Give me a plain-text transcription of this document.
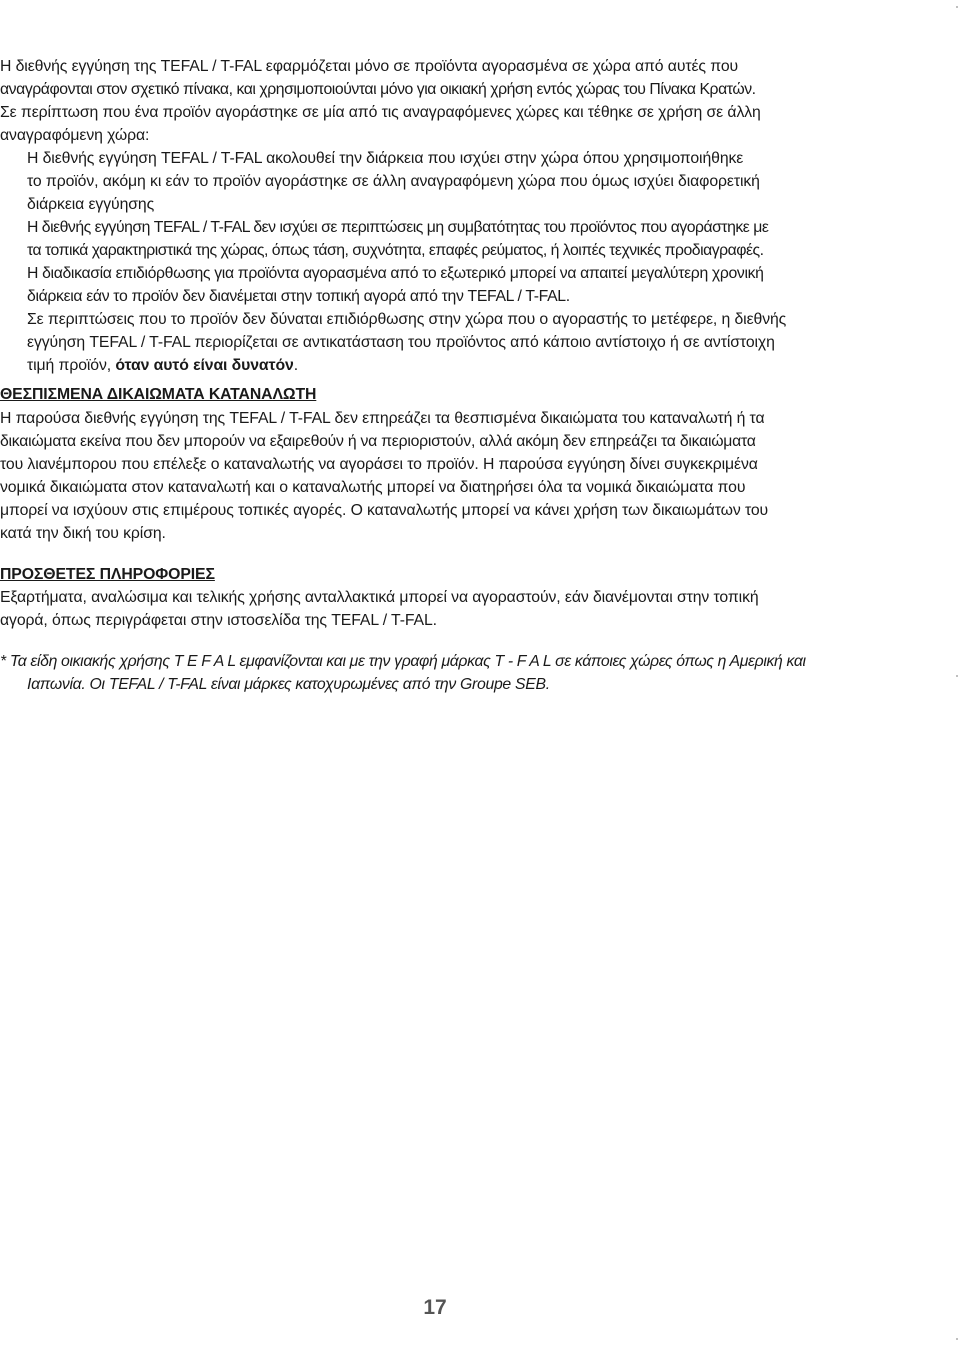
Η διεθνής εγγύηση της TEFAL / T-FAL εφαρμόζεται μόνο σε προϊόντα αγορασμένα σε χώρα από αυτές που
αναγράφονται στον σχετικό πίνακα, και χρησιμοποιούνται μόνο για οικιακή χρήση εντός χώρας του Πίνακα Κρατών.
Σε περίπτωση που ένα προϊόν αγοράστηκε σε μία από τις αναγραφόμενες χώρες και τέθηκε σε χρήση σε άλλη
αναγραφόμενη χώρα:
Η διεθνής εγγύηση TEFAL / T-FAL ακολουθεί την διάρκεια που ισχύει στην χώρα όπου χρησιμοποιήθηκε
το προϊόν, ακόμη κι εάν το προϊόν αγοράστηκε σε άλλη αναγραφόμενη χώρα που όμως ισχύει διαφορετική
διάρκεια εγγύησης
Η διεθνής εγγύηση TEFAL / T-FAL δεν ισχύει σε περιπτώσεις μη συμβατότητας του προϊόντος που αγοράστηκε με
τα τοπικά χαρακτηριστικά της χώρας, όπως τάση, συχνότητα, επαφές ρεύματος, ή λοιπές τεχνικές προδιαγραφές.
Η διαδικασία επιδιόρθωσης για προϊόντα αγορασμένα από το εξωτερικό μπορεί να απαιτεί μεγαλύτερη χρονική
διάρκεια εάν το προϊόν δεν διανέμεται στην τοπική αγορά από την TEFAL / T-FAL.
Σε περιπτώσεις που το προϊόν δεν δύναται επιδιόρθωσης στην χώρα που ο αγοραστής το μετέφερε, η διεθνής
εγγύηση TEFAL / T-FAL περιορίζεται σε αντικατάσταση του προϊόντος από κάποιο αντίστοιχο ή σε αντίστοιχη
τιμή προϊόν, όταν αυτό είναι δυνατόν.
ΘΕΣΠΙΣΜΕΝΑ ΔΙΚΑΙΩΜΑΤΑ ΚΑΤΑΝΑΛΩΤΗ
Η παρούσα διεθνής εγγύηση της TEFAL / T-FAL δεν επηρεάζει τα θεσπισμένα δικαιώματα του καταναλωτή ή τα
δικαιώματα εκείνα που δεν μπορούν να εξαιρεθούν ή να περιοριστούν, αλλά ακόμη δεν επηρεάζει τα δικαιώματα
του λιανέμπορου που επέλεξε ο καταναλωτής να αγοράσει το προϊόν. Η παρούσα εγγύηση δίνει συγκεκριμένα
νομικά δικαιώματα στον καταναλωτή και ο καταναλωτής μπορεί να διατηρήσει όλα τα νομικά δικαιώματα που
μπορεί να ισχύουν στις επιμέρους τοπικές αγορές. Ο καταναλωτής μπορεί να κάνει χρήση των δικαιωμάτων του
κατά την δική του κρίση.
ΠΡΟΣΘΕΤΕΣ ΠΛΗΡΟΦΟΡΙΕΣ
Εξαρτήματα, αναλώσιμα και τελικής χρήσης ανταλλακτικά μπορεί να αγοραστούν, εάν διανέμονται στην τοπική
αγορά, όπως περιγράφεται στην ιστοσελίδα της TEFAL / T-FAL.
* Τα είδη οικιακής χρήσης T E F A L εμφανίζονται και με την γραφή μάρκας T - F A L σε κάποιες χώρες όπως η Αμερική και
Ιαπωνία. Οι TEFAL / T-FAL είναι μάρκες κατοχυρωμένες από την Groupe SEB.
17
